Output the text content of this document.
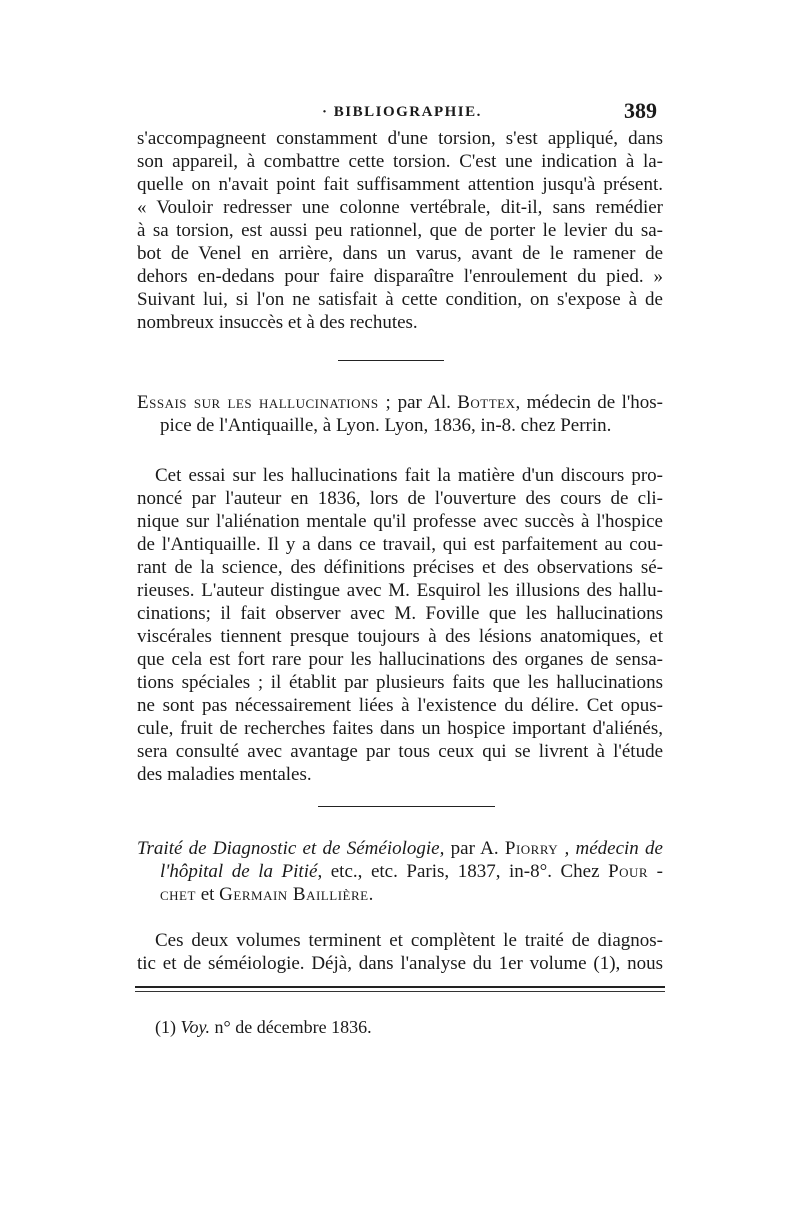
· BIBLIOGRAPHIE.	389
s'accompagneent constamment d'une torsion, s'est appliqué, dans
son appareil, à combattre cette torsion. C'est une indication à la-
quelle on n'avait point fait suffisamment attention jusqu'à présent.
« Vouloir redresser une colonne vertébrale, dit-il, sans remédier
à sa torsion, est aussi peu rationnel, que de porter le levier du sa-
bot de Venel en arrière, dans un varus, avant de le ramener de
dehors en-dedans pour faire disparaître l'enroulement du pied. »
Suivant lui, si l'on ne satisfait à cette condition, on s'expose à de
nombreux insuccès et à des rechutes.
Essais sur les hallucinations ; par Al. Bottex, médecin de l'hos-
pice de l'Antiquaille, à Lyon. Lyon, 1836, in-8. chez Perrin.
Cet essai sur les hallucinations fait la matière d'un discours pro-
noncé par l'auteur en 1836, lors de l'ouverture des cours de cli-
nique sur l'aliénation mentale qu'il professe avec succès à l'hospice
de l'Antiquaille. Il y a dans ce travail, qui est parfaitement au cou-
rant de la science, des définitions précises et des observations sé-
rieuses. L'auteur distingue avec M. Esquirol les illusions des hallu-
cinations; il fait observer avec M. Foville que les hallucinations
viscérales tiennent presque toujours à des lésions anatomiques, et
que cela est fort rare pour les hallucinations des organes de sensa-
tions spéciales ; il établit par plusieurs faits que les hallucinations
ne sont pas nécessairement liées à l'existence du délire. Cet opus-
cule, fruit de recherches faites dans un hospice important d'aliénés,
sera consulté avec avantage par tous ceux qui se livrent à l'étude
des maladies mentales.
Traité de Diagnostic et de Séméiologie, par A. Piorry , médecin de
l'hôpital de la Pitié, etc., etc. Paris, 1837, in-8°. Chez Pour -
chet et Germain Baillière.
Ces deux volumes terminent et complètent le traité de diagnos-
tic et de séméiologie. Déjà, dans l'analyse du 1er volume (1), nous
(1) Voy. n° de décembre 1836.
